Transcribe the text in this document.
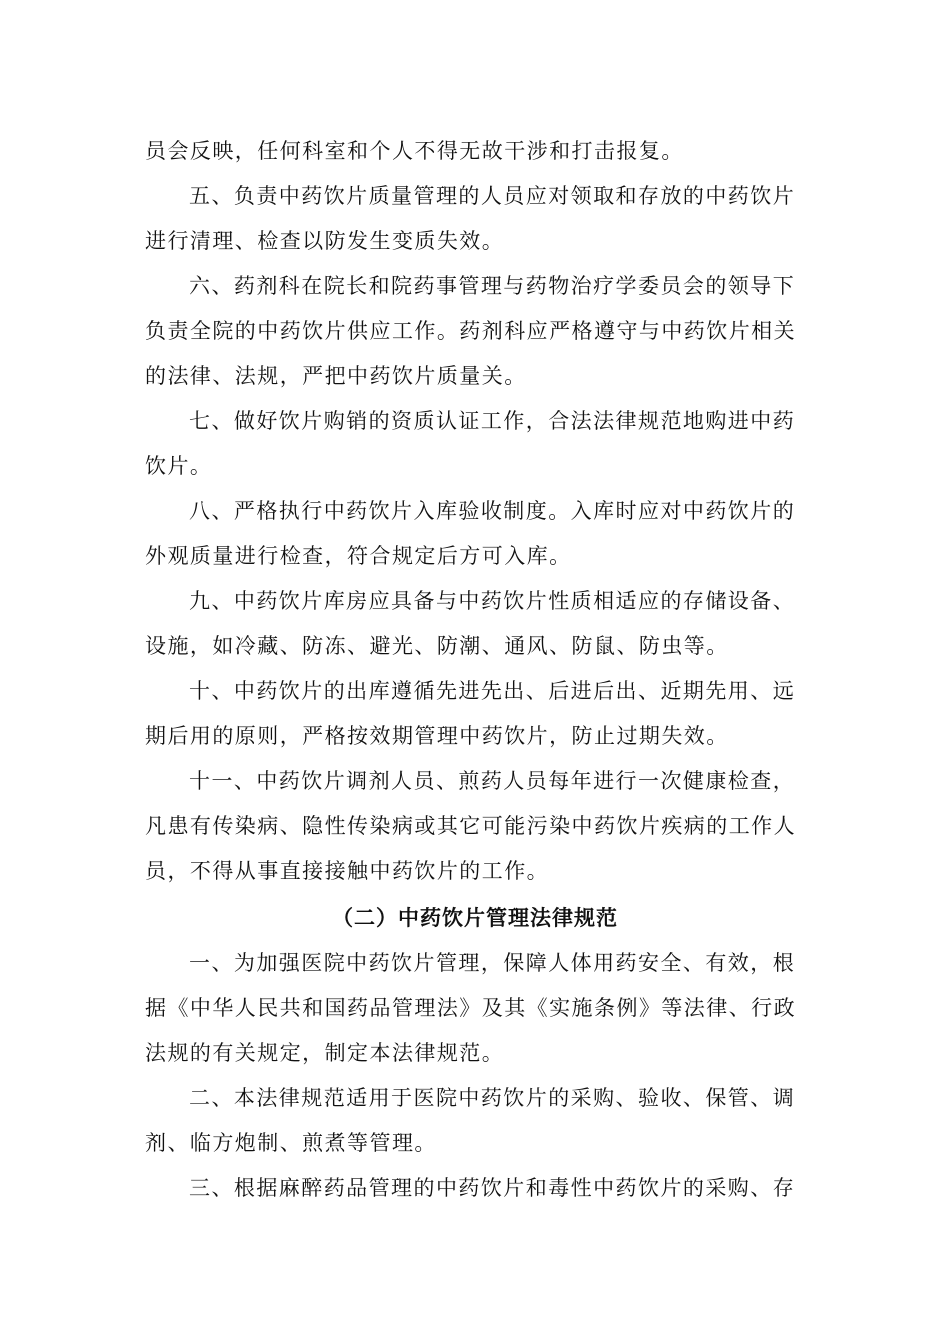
员会反映，任何科室和个人不得无故干涉和打击报复。
五、负责中药饮片质量管理的人员应对领取和存放的中药饮片
进行清理、检查以防发生变质失效。
六、药剂科在院长和院药事管理与药物治疗学委员会的领导下
负责全院的中药饮片供应工作。药剂科应严格遵守与中药饮片相关
的法律、法规，严把中药饮片质量关。
七、做好饮片购销的资质认证工作，合法法律规范地购进中药
饮片。
八、严格执行中药饮片入库验收制度。入库时应对中药饮片的
外观质量进行检查，符合规定后方可入库。
九、中药饮片库房应具备与中药饮片性质相适应的存储设备、
设施，如冷藏、防冻、避光、防潮、通风、防鼠、防虫等。
十、中药饮片的出库遵循先进先出、后进后出、近期先用、远
期后用的原则，严格按效期管理中药饮片，防止过期失效。
十一、中药饮片调剂人员、煎药人员每年进行一次健康检查，
凡患有传染病、隐性传染病或其它可能污染中药饮片疾病的工作人
员，不得从事直接接触中药饮片的工作。
（二）中药饮片管理法律规范
一、为加强医院中药饮片管理，保障人体用药安全、有效，根
据《中华人民共和国药品管理法》及其《实施条例》等法律、行政
法规的有关规定，制定本法律规范。
二、本法律规范适用于医院中药饮片的采购、验收、保管、调
剂、临方炮制、煎煮等管理。
三、根据麻醉药品管理的中药饮片和毒性中药饮片的采购、存
